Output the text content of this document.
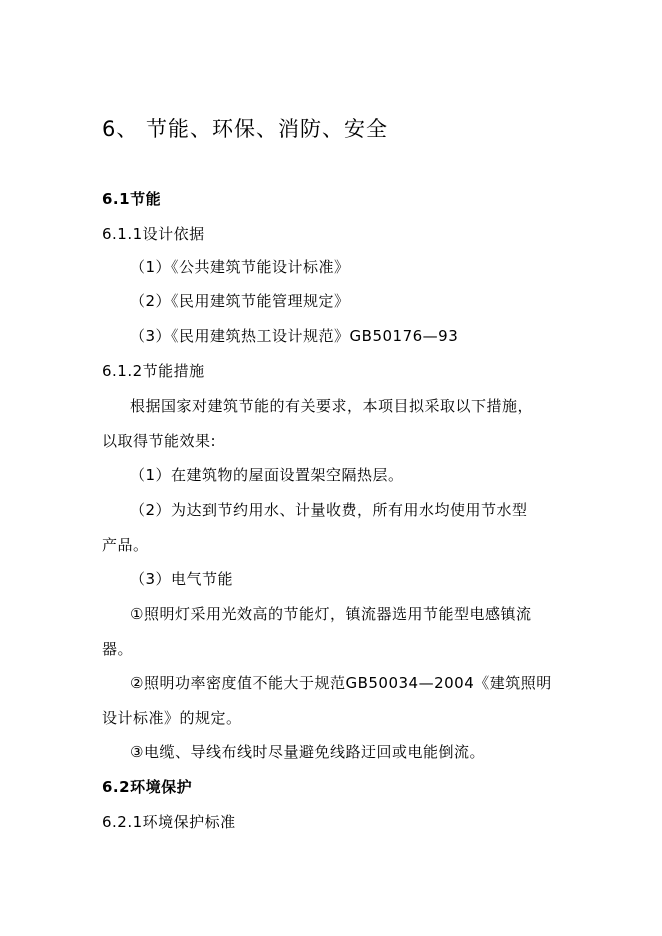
6、 节能、环保、消防、安全
6.1节能
6.1.1设计依据
（1）《公共建筑节能设计标准》
（2）《民用建筑节能管理规定》
（3）《民用建筑热工设计规范》GB50176—93
6.1.2节能措施
根据国家对建筑节能的有关要求，本项目拟采取以下措施，
以取得节能效果:
（1）在建筑物的屋面设置架空隔热层。
（2）为达到节约用水、计量收费，所有用水均使用节水型
产品。
（3）电气节能
①照明灯采用光效高的节能灯，镇流器选用节能型电感镇流
器。
②照明功率密度值不能大于规范GB50034—2004《建筑照明
设计标准》的规定。
③电缆、导线布线时尽量避免线路迂回或电能倒流。
6.2环境保护
6.2.1环境保护标准
